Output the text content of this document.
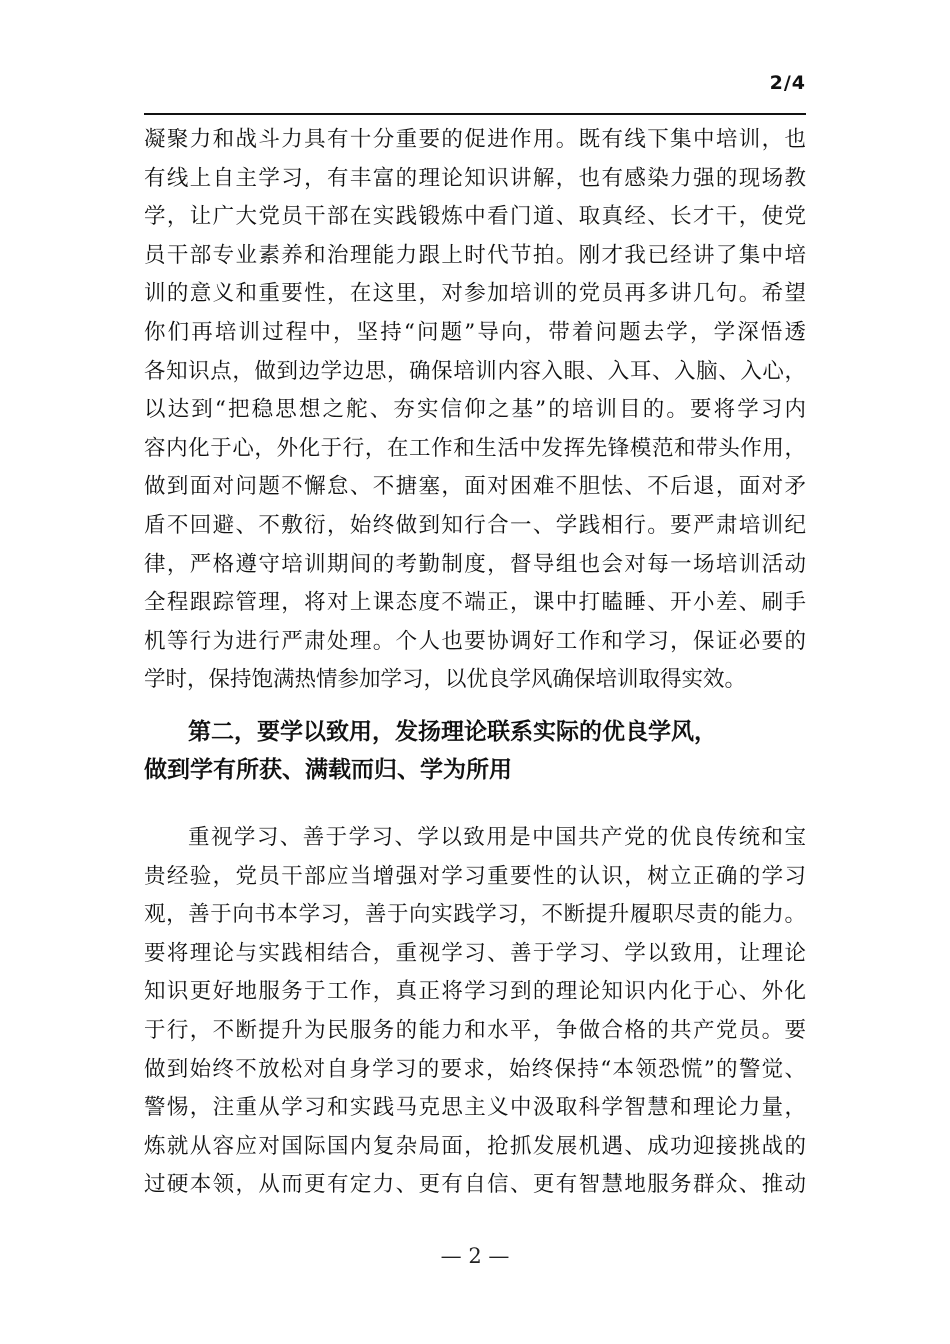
2/4
凝聚力和战斗力具有十分重要的促进作用。既有线下集中培训，也
有线上自主学习，有丰富的理论知识讲解，也有感染力强的现场教
学，让广大党员干部在实践锻炼中看门道、取真经、长才干，使党
员干部专业素养和治理能力跟上时代节拍。刚才我已经讲了集中培
训的意义和重要性，在这里，对参加培训的党员再多讲几句。希望
你们再培训过程中，坚持“问题”导向，带着问题去学，学深悟透
各知识点，做到边学边思，确保培训内容入眼、入耳、入脑、入心，
以达到“把稳思想之舵、夯实信仰之基”的培训目的。要将学习内
容内化于心，外化于行，在工作和生活中发挥先锋模范和带头作用，
做到面对问题不懈怠、不搪塞，面对困难不胆怯、不后退，面对矛
盾不回避、不敷衍，始终做到知行合一、学践相行。要严肃培训纪
律，严格遵守培训期间的考勤制度，督导组也会对每一场培训活动
全程跟踪管理，将对上课态度不端正，课中打瞌睡、开小差、刷手
机等行为进行严肃处理。个人也要协调好工作和学习，保证必要的
学时，保持饱满热情参加学习，以优良学风确保培训取得实效。
第二，要学以致用，发扬理论联系实际的优良学风，
做到学有所获、满载而归、学为所用
重视学习、善于学习、学以致用是中国共产党的优良传统和宝
贵经验，党员干部应当增强对学习重要性的认识，树立正确的学习
观，善于向书本学习，善于向实践学习，不断提升履职尽责的能力。
要将理论与实践相结合，重视学习、善于学习、学以致用，让理论
知识更好地服务于工作，真正将学习到的理论知识内化于心、外化
于行，不断提升为民服务的能力和水平，争做合格的共产党员。要
做到始终不放松对自身学习的要求，始终保持“本领恐慌”的警觉、
警惕，注重从学习和实践马克思主义中汲取科学智慧和理论力量，
炼就从容应对国际国内复杂局面，抢抓发展机遇、成功迎接挑战的
过硬本领，从而更有定力、更有自信、更有智慧地服务群众、推动
— 2 —
